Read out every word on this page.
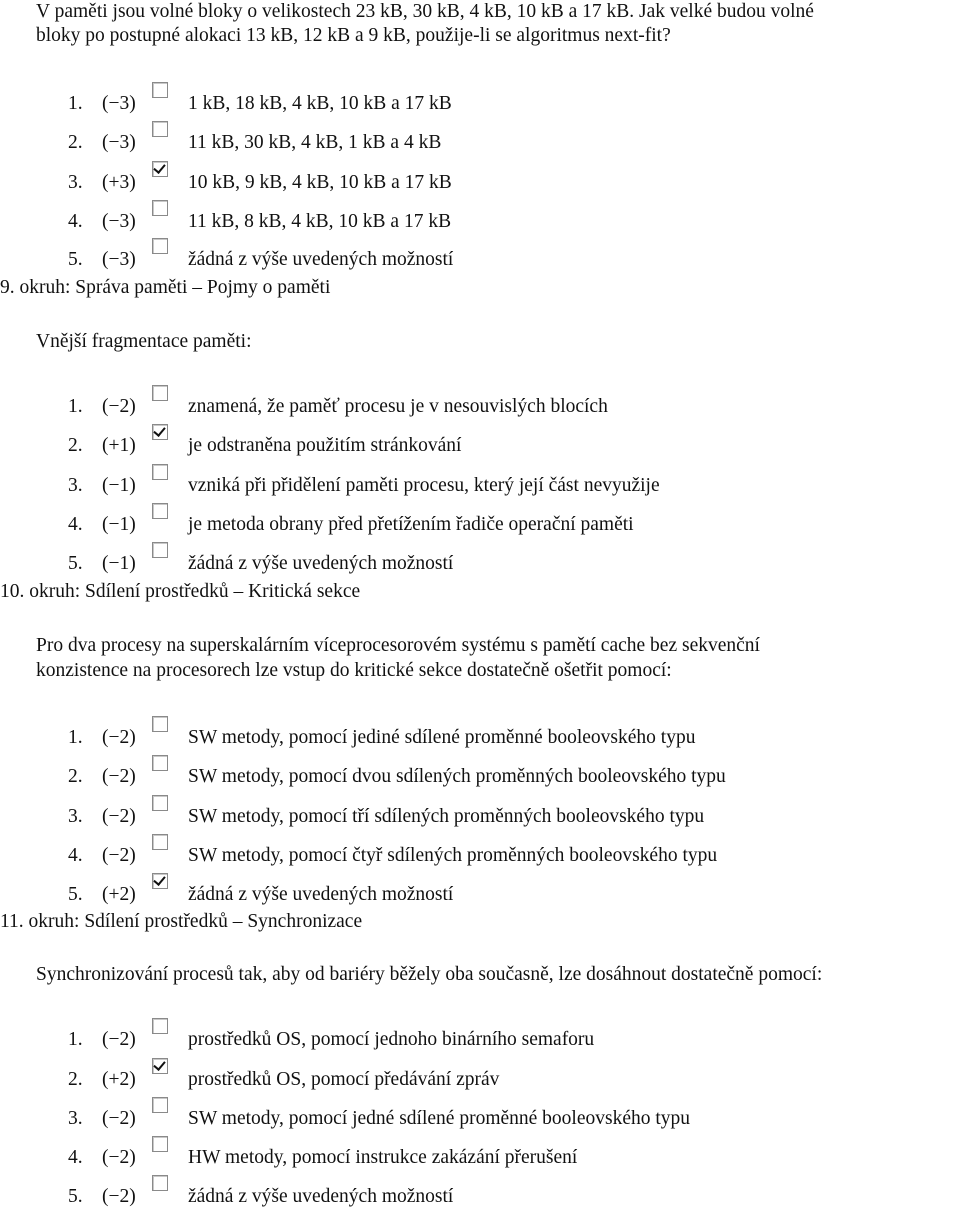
V paměti jsou volné bloky o velikostech 23 kB, 30 kB, 4 kB, 10 kB a 17 kB. Jak velké budou volné
bloky po postupné alokaci 13 kB, 12 kB a 9 kB, použije-li se algoritmus next-fit?
1. (−3)	1 kB, 18 kB, 4 kB, 10 kB a 17 kB
2. (−3)	11 kB, 30 kB, 4 kB, 1 kB a 4 kB
3. (+3)	10 kB, 9 kB, 4 kB, 10 kB a 17 kB
4. (−3)	11 kB, 8 kB, 4 kB, 10 kB a 17 kB
5. (−3)	žádná z výše uvedených možností
9. okruh: Správa paměti – Pojmy o paměti
Vnější fragmentace paměti:
1. (−2)	znamená, že paměť procesu je v nesouvislých blocích
2. (+1)	je odstraněna použitím stránkování
3. (−1)	vzniká při přidělení paměti procesu, který její část nevyužije
4. (−1)	je metoda obrany před přetížením řadiče operační paměti
5. (−1)	žádná z výše uvedených možností
10. okruh: Sdílení prostředků – Kritická sekce
Pro dva procesy na superskalárním víceprocesorovém systému s pamětí cache bez sekvenční
konzistence na procesorech lze vstup do kritické sekce dostatečně ošetřit pomocí:
1. (−2)	SW metody, pomocí jediné sdílené proměnné booleovského typu
2. (−2)	SW metody, pomocí dvou sdílených proměnných booleovského typu
3. (−2)	SW metody, pomocí tří sdílených proměnných booleovského typu
4. (−2)	SW metody, pomocí čtyř sdílených proměnných booleovského typu
5. (+2)	žádná z výše uvedených možností
11. okruh: Sdílení prostředků – Synchronizace
Synchronizování procesů tak, aby od bariéry běžely oba současně, lze dosáhnout dostatečně pomocí:
1. (−2)	prostředků OS, pomocí jednoho binárního semaforu
2. (+2)	prostředků OS, pomocí předávání zpráv
3. (−2)	SW metody, pomocí jedné sdílené proměnné booleovského typu
4. (−2)	HW metody, pomocí instrukce zakázání přerušení
5. (−2)	žádná z výše uvedených možností
